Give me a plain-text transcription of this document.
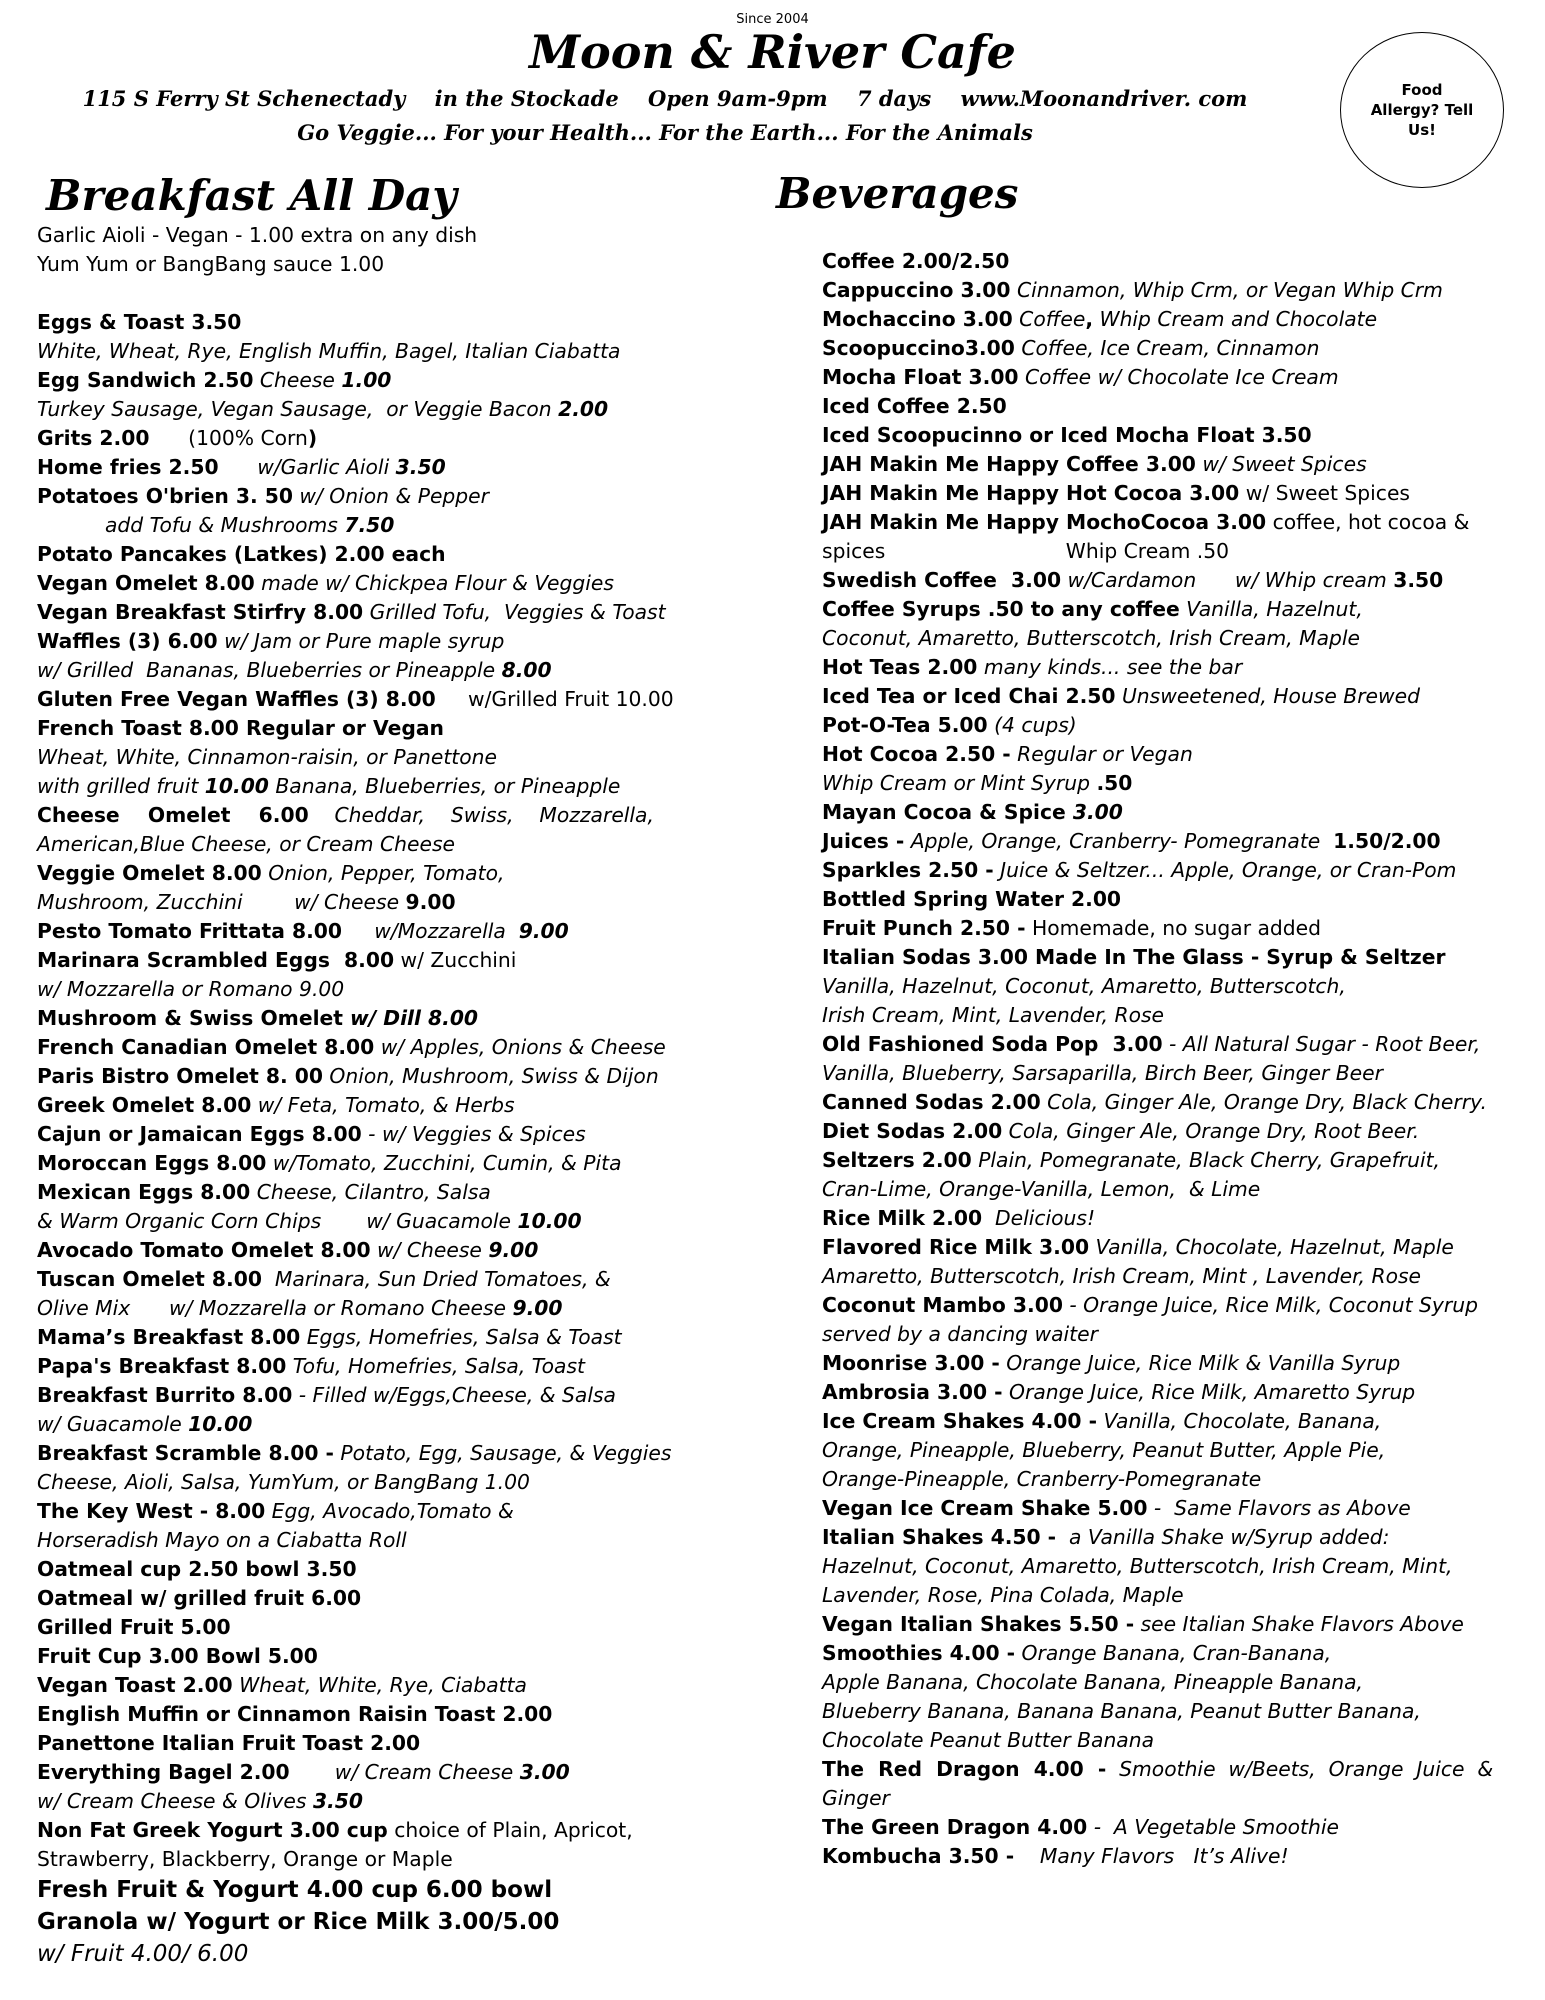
Since 2004
Moon & River Cafe
115 S Ferry St Schenectady in the Stockade Open 9am-9pm 7 days www.Moonandriver. com
Go Veggie... For your Health... For the Earth... For the Animals
Food Allergy? Tell Us!
Breakfast All Day	Beverages
Garlic Aioli - Vegan - 1.00 extra on any dish
Yum Yum or BangBang sauce 1.00
Eggs & Toast 3.50
White, Wheat, Rye, English Muffin, Bagel, Italian Ciabatta
Egg Sandwich 2.50 Cheese 1.00
Turkey Sausage, Vegan Sausage,  or Veggie Bacon 2.00
Grits 2.00      (100% Corn)
Home fries 2.50      w/Garlic Aioli 3.50
Potatoes O'brien 3. 50 w/ Onion & Pepper
add Tofu & Mushrooms 7.50
Potato Pancakes (Latkes) 2.00 each
Vegan Omelet 8.00 made w/ Chickpea Flour & Veggies
Vegan Breakfast Stirfry 8.00 Grilled Tofu,  Veggies & Toast
Waffles (3) 6.00 w/ Jam or Pure maple syrup
w/ Grilled  Bananas, Blueberries or Pineapple 8.00
Gluten Free Vegan Waffles (3) 8.00     w/Grilled Fruit 10.00
French Toast 8.00 Regular or Vegan
Wheat, White, Cinnamon-raisin, or Panettone
with grilled fruit 10.00 Banana, Blueberries, or Pineapple
Cheese    Omelet    6.00    Cheddar,    Swiss,    Mozzarella,
American,Blue Cheese, or Cream Cheese
Veggie Omelet 8.00 Onion, Pepper, Tomato,
Mushroom, Zucchini        w/ Cheese 9.00
Pesto Tomato Frittata 8.00     w/Mozzarella  9.00
Marinara Scrambled Eggs  8.00 w/ Zucchini
w/ Mozzarella or Romano 9.00
Mushroom & Swiss Omelet w/ Dill 8.00
French Canadian Omelet 8.00 w/ Apples, Onions & Cheese
Paris Bistro Omelet 8. 00 Onion, Mushroom, Swiss & Dijon
Greek Omelet 8.00 w/ Feta, Tomato, & Herbs
Cajun or Jamaican Eggs 8.00 - w/ Veggies & Spices
Moroccan Eggs 8.00 w/Tomato, Zucchini, Cumin, & Pita
Mexican Eggs 8.00 Cheese, Cilantro, Salsa
& Warm Organic Corn Chips       w/ Guacamole 10.00
Avocado Tomato Omelet 8.00 w/ Cheese 9.00
Tuscan Omelet 8.00  Marinara, Sun Dried Tomatoes, &
Olive Mix      w/ Mozzarella or Romano Cheese 9.00
Mama’s Breakfast 8.00 Eggs, Homefries, Salsa & Toast
Papa's Breakfast 8.00 Tofu, Homefries, Salsa, Toast
Breakfast Burrito 8.00 - Filled w/Eggs,Cheese, & Salsa
w/ Guacamole 10.00
Breakfast Scramble 8.00 - Potato, Egg, Sausage, & Veggies
Cheese, Aioli, Salsa, YumYum, or BangBang 1.00
The Key West - 8.00 Egg, Avocado,Tomato &
Horseradish Mayo on a Ciabatta Roll
Oatmeal cup 2.50 bowl 3.50
Oatmeal w/ grilled fruit 6.00
Grilled Fruit 5.00
Fruit Cup 3.00 Bowl 5.00
Vegan Toast 2.00 Wheat, White, Rye, Ciabatta
English Muffin or Cinnamon Raisin Toast 2.00
Panettone Italian Fruit Toast 2.00
Everything Bagel 2.00       w/ Cream Cheese 3.00
w/ Cream Cheese & Olives 3.50
Non Fat Greek Yogurt 3.00 cup choice of Plain, Apricot,
Strawberry, Blackberry, Orange or Maple
Fresh Fruit & Yogurt 4.00 cup 6.00 bowl
Granola w/ Yogurt or Rice Milk 3.00/5.00
w/ Fruit 4.00/ 6.00
Coffee 2.00/2.50
Cappuccino 3.00 Cinnamon, Whip Crm, or Vegan Whip Crm
Mochaccino 3.00 Coffee, Whip Cream and Chocolate
Scoopuccino3.00 Coffee, Ice Cream, Cinnamon
Mocha Float 3.00 Coffee w/ Chocolate Ice Cream
Iced Coffee 2.50
Iced Scoopucinno or Iced Mocha Float 3.50
JAH Makin Me Happy Coffee 3.00 w/ Sweet Spices
JAH Makin Me Happy Hot Cocoa 3.00 w/ Sweet Spices
JAH Makin Me Happy MochoCocoa 3.00 coffee, hot cocoa &
spices                            Whip Cream .50
Swedish Coffee  3.00 w/Cardamon      w/ Whip cream 3.50
Coffee Syrups .50 to any coffee Vanilla, Hazelnut,
Coconut, Amaretto, Butterscotch, Irish Cream, Maple
Hot Teas 2.00 many kinds... see the bar
Iced Tea or Iced Chai 2.50 Unsweetened, House Brewed
Pot-O-Tea 5.00 (4 cups)
Hot Cocoa 2.50 - Regular or Vegan
Whip Cream or Mint Syrup .50
Mayan Cocoa & Spice 3.00
Juices - Apple, Orange, Cranberry- Pomegranate  1.50/2.00
Sparkles 2.50 - Juice & Seltzer... Apple, Orange, or Cran-Pom
Bottled Spring Water 2.00
Fruit Punch 2.50 - Homemade, no sugar added
Italian Sodas 3.00 Made In The Glass - Syrup & Seltzer
Vanilla, Hazelnut, Coconut, Amaretto, Butterscotch,
Irish Cream, Mint, Lavender, Rose
Old Fashioned Soda Pop  3.00 - All Natural Sugar - Root Beer,
Vanilla, Blueberry, Sarsaparilla, Birch Beer, Ginger Beer
Canned Sodas 2.00 Cola, Ginger Ale, Orange Dry, Black Cherry.
Diet Sodas 2.00 Cola, Ginger Ale, Orange Dry, Root Beer.
Seltzers 2.00 Plain, Pomegranate, Black Cherry, Grapefruit,
Cran-Lime, Orange-Vanilla, Lemon,  & Lime
Rice Milk 2.00  Delicious!
Flavored Rice Milk 3.00 Vanilla, Chocolate, Hazelnut, Maple
Amaretto, Butterscotch, Irish Cream, Mint , Lavender, Rose
Coconut Mambo 3.00 - Orange Juice, Rice Milk, Coconut Syrup
served by a dancing waiter
Moonrise 3.00 - Orange Juice, Rice Milk & Vanilla Syrup
Ambrosia 3.00 - Orange Juice, Rice Milk, Amaretto Syrup
Ice Cream Shakes 4.00 - Vanilla, Chocolate, Banana,
Orange, Pineapple, Blueberry, Peanut Butter, Apple Pie,
Orange-Pineapple, Cranberry-Pomegranate
Vegan Ice Cream Shake 5.00 -  Same Flavors as Above
Italian Shakes 4.50 -  a Vanilla Shake w/Syrup added:
Hazelnut, Coconut, Amaretto, Butterscotch, Irish Cream, Mint,
Lavender, Rose, Pina Colada, Maple
Vegan Italian Shakes 5.50 - see Italian Shake Flavors Above
Smoothies 4.00 - Orange Banana, Cran-Banana,
Apple Banana, Chocolate Banana, Pineapple Banana,
Blueberry Banana, Banana Banana, Peanut Butter Banana,
Chocolate Peanut Butter Banana
The  Red  Dragon  4.00  -  Smoothie  w/Beets,  Orange  Juice  &
Ginger
The Green Dragon 4.00 -  A Vegetable Smoothie
Kombucha 3.50 -    Many Flavors   It’s Alive!
